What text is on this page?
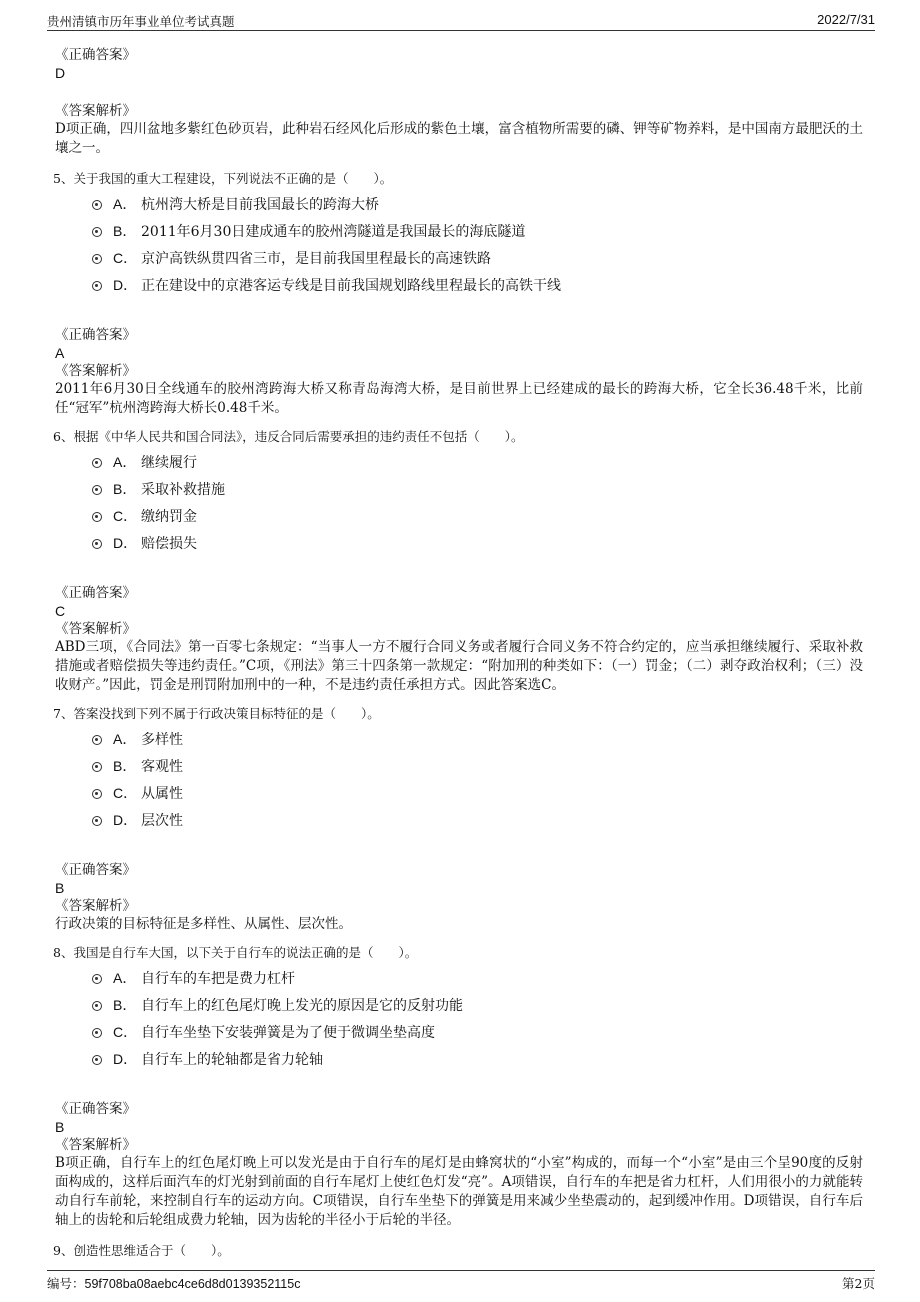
贵州清镇市历年事业单位考试真题	2022/7/31
《正确答案》
D
《答案解析》
D项正确，四川盆地多紫红色砂页岩，此种岩石经风化后形成的紫色土壤，富含植物所需要的磷、钾等矿物养料，是中国南方最肥沃的土壤之一。
5、关于我国的重大工程建设，下列说法不正确的是（　　）。
A． 杭州湾大桥是目前我国最长的跨海大桥
B． 2011年6月30日建成通车的胶州湾隧道是我国最长的海底隧道
C． 京沪高铁纵贯四省三市，是目前我国里程最长的高速铁路
D． 正在建设中的京港客运专线是目前我国规划路线里程最长的高铁干线
《正确答案》
A
《答案解析》
2011年6月30日全线通车的胶州湾跨海大桥又称青岛海湾大桥，是目前世界上已经建成的最长的跨海大桥，它全长36.48千米，比前任“冠军”杭州湾跨海大桥长0.48千米。
6、根据《中华人民共和国合同法》，违反合同后需要承担的违约责任不包括（　　）。
A． 继续履行
B． 采取补救措施
C． 缴纳罚金
D． 赔偿损失
《正确答案》
C
《答案解析》
ABD三项，《合同法》第一百零七条规定：“当事人一方不履行合同义务或者履行合同义务不符合约定的，应当承担继续履行、采取补救措施或者赔偿损失等违约责任。”C项，《刑法》第三十四条第一款规定：“附加刑的种类如下：（一）罚金；（二）剥夺政治权利；（三）没收财产。”因此，罚金是刑罚附加刑中的一种，不是违约责任承担方式。因此答案选C。
7、答案没找到下列不属于行政决策目标特征的是（　　）。
A． 多样性
B． 客观性
C． 从属性
D． 层次性
《正确答案》
B
《答案解析》
行政决策的目标特征是多样性、从属性、层次性。
8、我国是自行车大国，以下关于自行车的说法正确的是（　　）。
A． 自行车的车把是费力杠杆
B． 自行车上的红色尾灯晚上发光的原因是它的反射功能
C． 自行车坐垫下安装弹簧是为了便于微调坐垫高度
D． 自行车上的轮轴都是省力轮轴
《正确答案》
B
《答案解析》
B项正确，自行车上的红色尾灯晚上可以发光是由于自行车的尾灯是由蜂窝状的“小室”构成的，而每一个“小室”是由三个呈90度的反射面构成的，这样后面汽车的灯光射到前面的自行车尾灯上使红色灯发“亮”。A项错误，自行车的车把是省力杠杆，人们用很小的力就能转动自行车前轮，来控制自行车的运动方向。C项错误，自行车坐垫下的弹簧是用来减少坐垫震动的，起到缓冲作用。D项错误，自行车后轴上的齿轮和后轮组成费力轮轴，因为齿轮的半径小于后轮的半径。
9、创造性思维适合于（　　）。
编号：59f708ba08aebc4ce6d8d0139352115c	第2页
